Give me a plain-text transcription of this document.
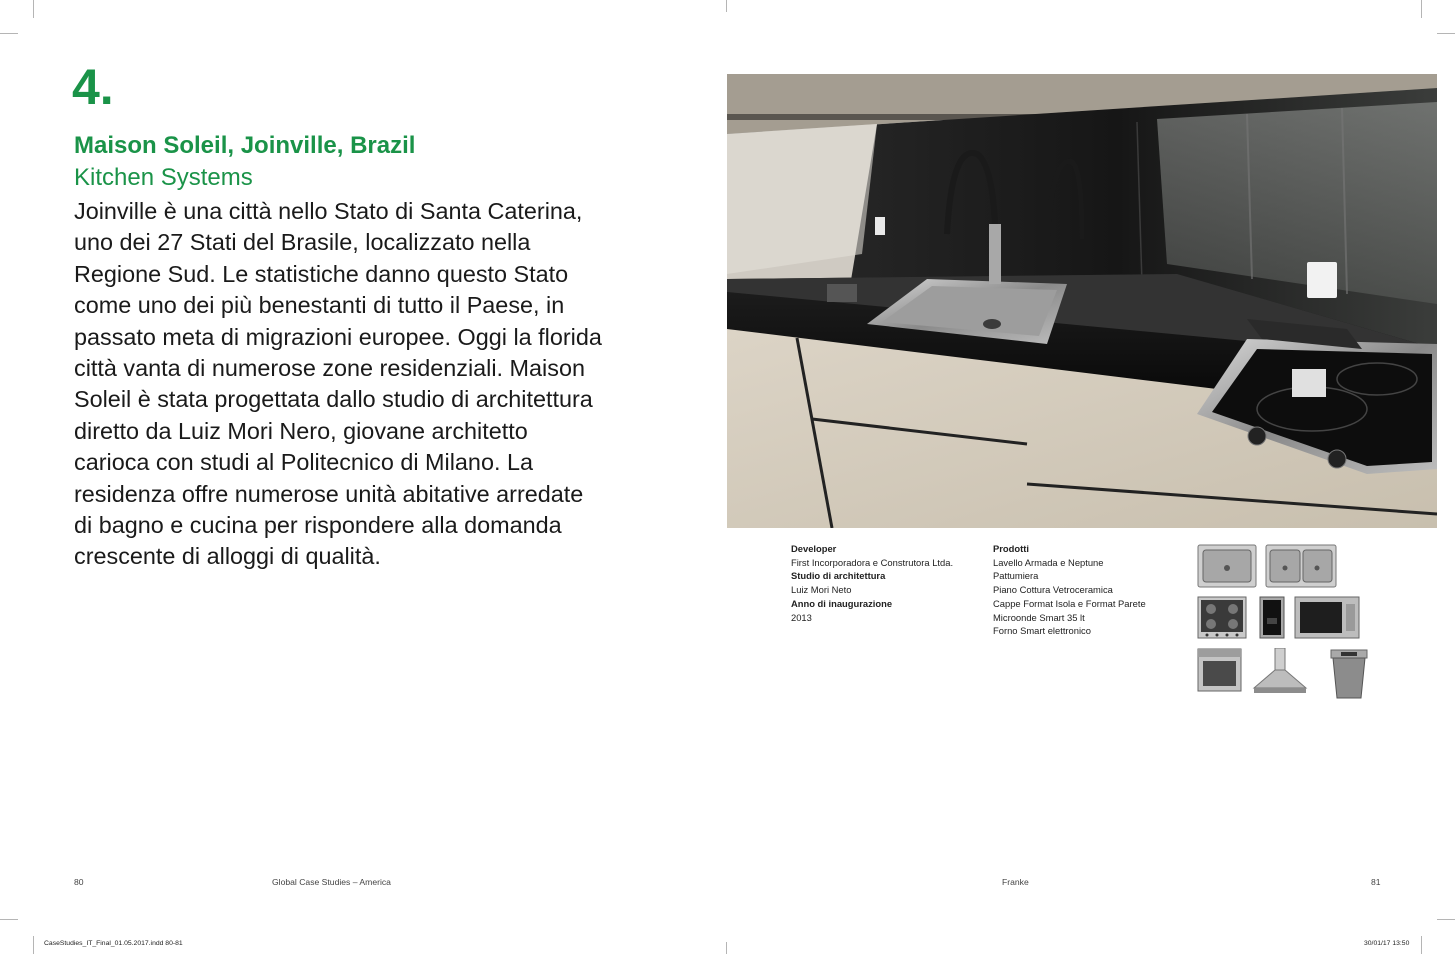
4.
Maison Soleil, Joinville, Brazil
Kitchen Systems
Joinville è una città nello Stato di Santa Caterina,
uno dei 27 Stati del Brasile, localizzato nella
Regione Sud. Le statistiche danno questo Stato
come uno dei più benestanti di tutto il Paese, in
passato meta di migrazioni europee. Oggi la florida
città vanta di numerose zone residenziali. Maison
Soleil è stata progettata dallo studio di architettura
diretto da Luiz Mori Nero, giovane architetto
carioca con studi al Politecnico di Milano. La
residenza offre numerose unità abitative arredate
di bagno e cucina per rispondere alla domanda
crescente di alloggi di qualità.	Developer
First Incorporadora e Construtora Ltda.
Studio di architettura
Luiz Mori Neto
Anno di inaugurazione
2013
Prodotti
Lavello Armada e Neptune
Pattumiera
Piano Cottura Vetroceramica
Cappe Format Isola e Format Parete
Microonde Smart 35 lt
Forno Smart elettronico
80	Global Case Studies – America	Franke	81
CaseStudies_IT_Final_01.05.2017.indd 80-81	30/01/17 13:50
